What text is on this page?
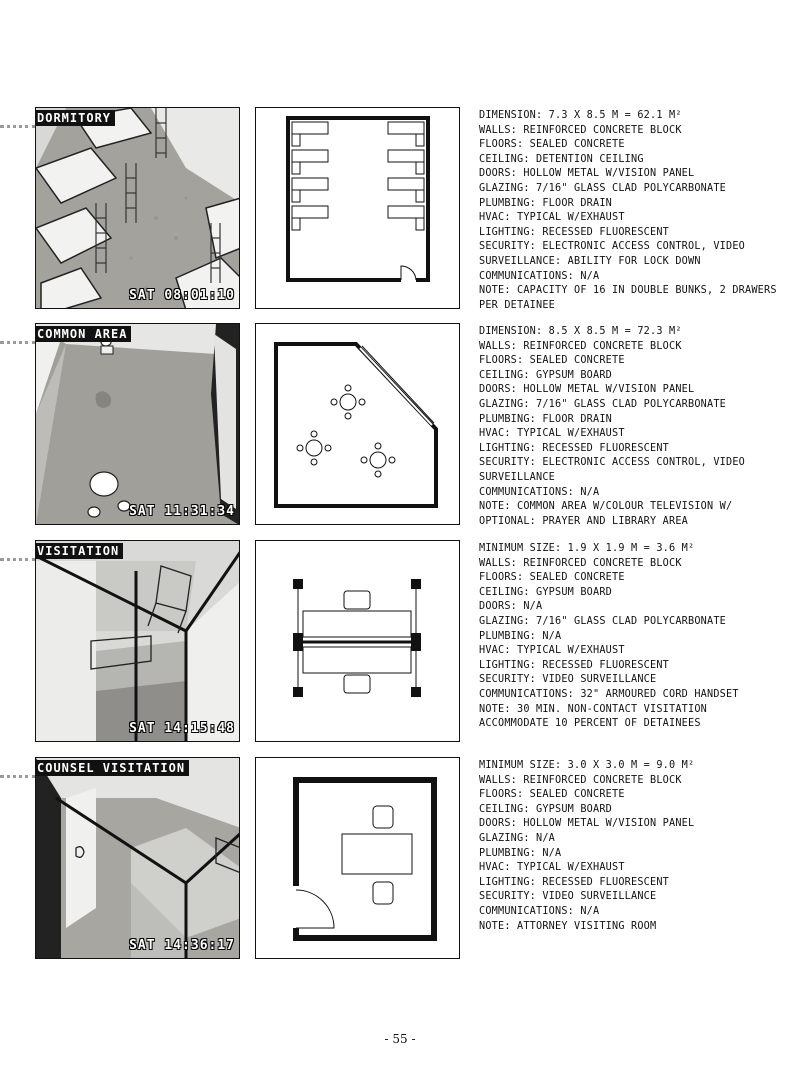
DORMITORY
SAT 08:01:10
DIMENSION: 7.3 X 8.5 M = 62.1 M²
WALLS: REINFORCED CONCRETE BLOCK
FLOORS: SEALED CONCRETE
CEILING: DETENTION CEILING
DOORS: HOLLOW METAL W/VISION PANEL
GLAZING: 7/16" GLASS CLAD POLYCARBONATE
PLUMBING: FLOOR DRAIN
HVAC: TYPICAL W/EXHAUST
LIGHTING: RECESSED FLUORESCENT
SECURITY: ELECTRONIC ACCESS CONTROL, VIDEO
SURVEILLANCE: ABILITY FOR LOCK DOWN
COMMUNICATIONS: N/A
NOTE: CAPACITY OF 16 IN DOUBLE BUNKS, 2 DRAWERS
PER DETAINEE
COMMON AREA
SAT 11:31:34
DIMENSION: 8.5 X 8.5 M = 72.3 M²
WALLS: REINFORCED CONCRETE BLOCK
FLOORS: SEALED CONCRETE
CEILING: GYPSUM BOARD
DOORS: HOLLOW METAL W/VISION PANEL
GLAZING: 7/16" GLASS CLAD POLYCARBONATE
PLUMBING: FLOOR DRAIN
HVAC: TYPICAL W/EXHAUST
LIGHTING: RECESSED FLUORESCENT
SECURITY: ELECTRONIC ACCESS CONTROL, VIDEO
SURVEILLANCE
COMMUNICATIONS: N/A
NOTE: COMMON AREA W/COLOUR TELEVISION W/
OPTIONAL: PRAYER AND LIBRARY AREA
VISITATION
SAT 14:15:48
MINIMUM SIZE: 1.9 X 1.9 M = 3.6 M²
WALLS: REINFORCED CONCRETE BLOCK
FLOORS: SEALED CONCRETE
CEILING: GYPSUM BOARD
DOORS: N/A
GLAZING: 7/16" GLASS CLAD POLYCARBONATE
PLUMBING: N/A
HVAC: TYPICAL W/EXHAUST
LIGHTING: RECESSED FLUORESCENT
SECURITY: VIDEO SURVEILLANCE
COMMUNICATIONS: 32" ARMOURED CORD HANDSET
NOTE: 30 MIN. NON-CONTACT VISITATION
ACCOMMODATE 10 PERCENT OF DETAINEES
COUNSEL VISITATION
SAT 14:36:17
MINIMUM SIZE: 3.0 X 3.0 M = 9.0 M²
WALLS: REINFORCED CONCRETE BLOCK
FLOORS: SEALED CONCRETE
CEILING: GYPSUM BOARD
DOORS: HOLLOW METAL W/VISION PANEL
GLAZING: N/A
PLUMBING: N/A
HVAC: TYPICAL W/EXHAUST
LIGHTING: RECESSED FLUORESCENT
SECURITY: VIDEO SURVEILLANCE
COMMUNICATIONS: N/A
NOTE: ATTORNEY VISITING ROOM
- 55 -
